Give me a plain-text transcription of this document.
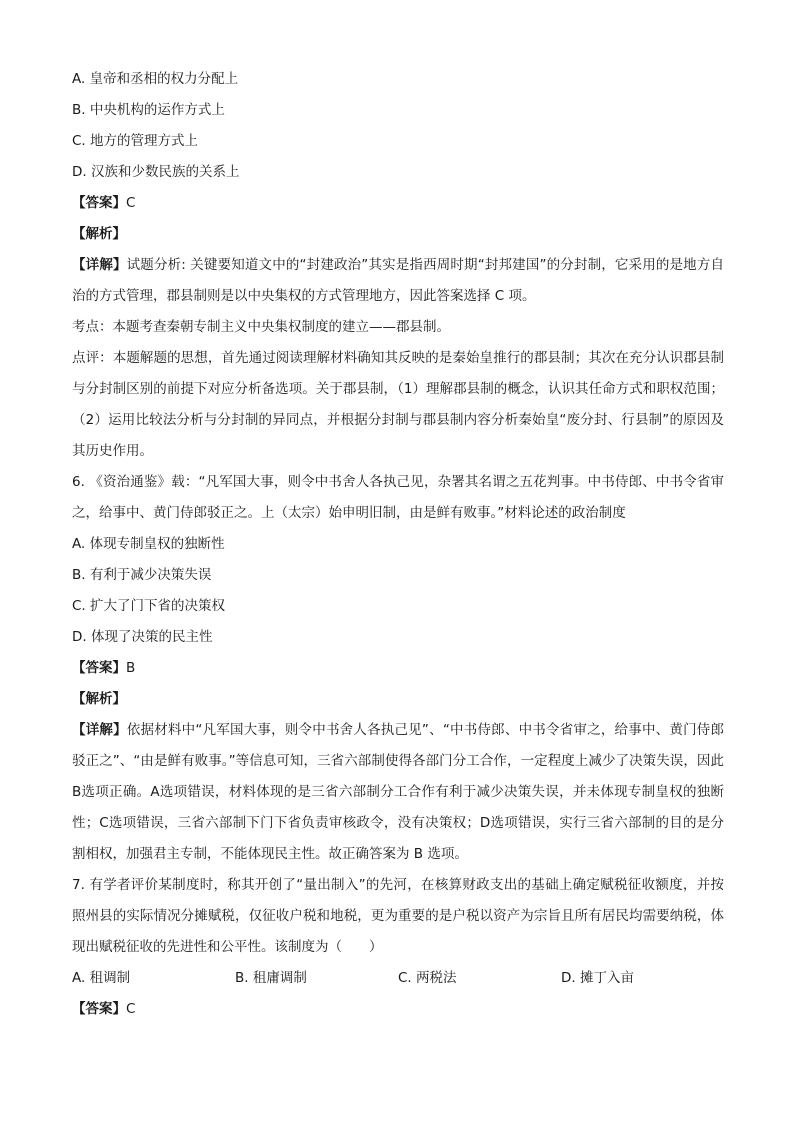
A. 皇帝和丞相的权力分配上
B. 中央机构的运作方式上
C. 地方的管理方式上
D. 汉族和少数民族的关系上
【答案】C
【解析】
【详解】试题分析: 关键要知道文中的“封建政治”其实是指西周时期“封邦建国”的分封制，它采用的是地方自治的方式管理，郡县制则是以中央集权的方式管理地方，因此答案选择 C 项。
考点：本题考查秦朝专制主义中央集权制度的建立——郡县制。
点评：本题解题的思想，首先通过阅读理解材料确知其反映的是秦始皇推行的郡县制；其次在充分认识郡县制与分封制区别的前提下对应分析备选项。关于郡县制，（1）理解郡县制的概念，认识其任命方式和职权范围；（2）运用比较法分析与分封制的异同点，并根据分封制与郡县制内容分析秦始皇“废分封、行县制”的原因及其历史作用。
6. 《资治通鉴》载：“凡军国大事，则令中书舍人各执己见，杂署其名谓之五花判事。中书侍郎、中书令省审之，给事中、黄门侍郎驳正之。上（太宗）始申明旧制，由是鲜有败事。”材料论述的政治制度
A. 体现专制皇权的独断性
B. 有利于减少决策失误
C. 扩大了门下省的决策权
D. 体现了决策的民主性
【答案】B
【解析】
【详解】依据材料中“凡军国大事，则令中书舍人各执己见”、“中书侍郎、中书令省审之，给事中、黄门侍郎驳正之”、“由是鲜有败事。”等信息可知，三省六部制使得各部门分工合作，一定程度上减少了决策失误，因此B选项正确。A选项错误，材料体现的是三省六部制分工合作有利于减少决策失误，并未体现专制皇权的独断性；C选项错误，三省六部制下门下省负责审核政令，没有决策权；D选项错误，实行三省六部制的目的是分割相权，加强君主专制，不能体现民主性。故正确答案为 B 选项。
7. 有学者评价某制度时，称其开创了“量出制入”的先河，在核算财政支出的基础上确定赋税征收额度，并按照州县的实际情况分摊赋税，仅征收户税和地税，更为重要的是户税以资产为宗旨且所有居民均需要纳税，体现出赋税征收的先进性和公平性。该制度为（　　）
A. 租调制	B. 租庸调制	C. 两税法	D. 摊丁入亩
【答案】C
